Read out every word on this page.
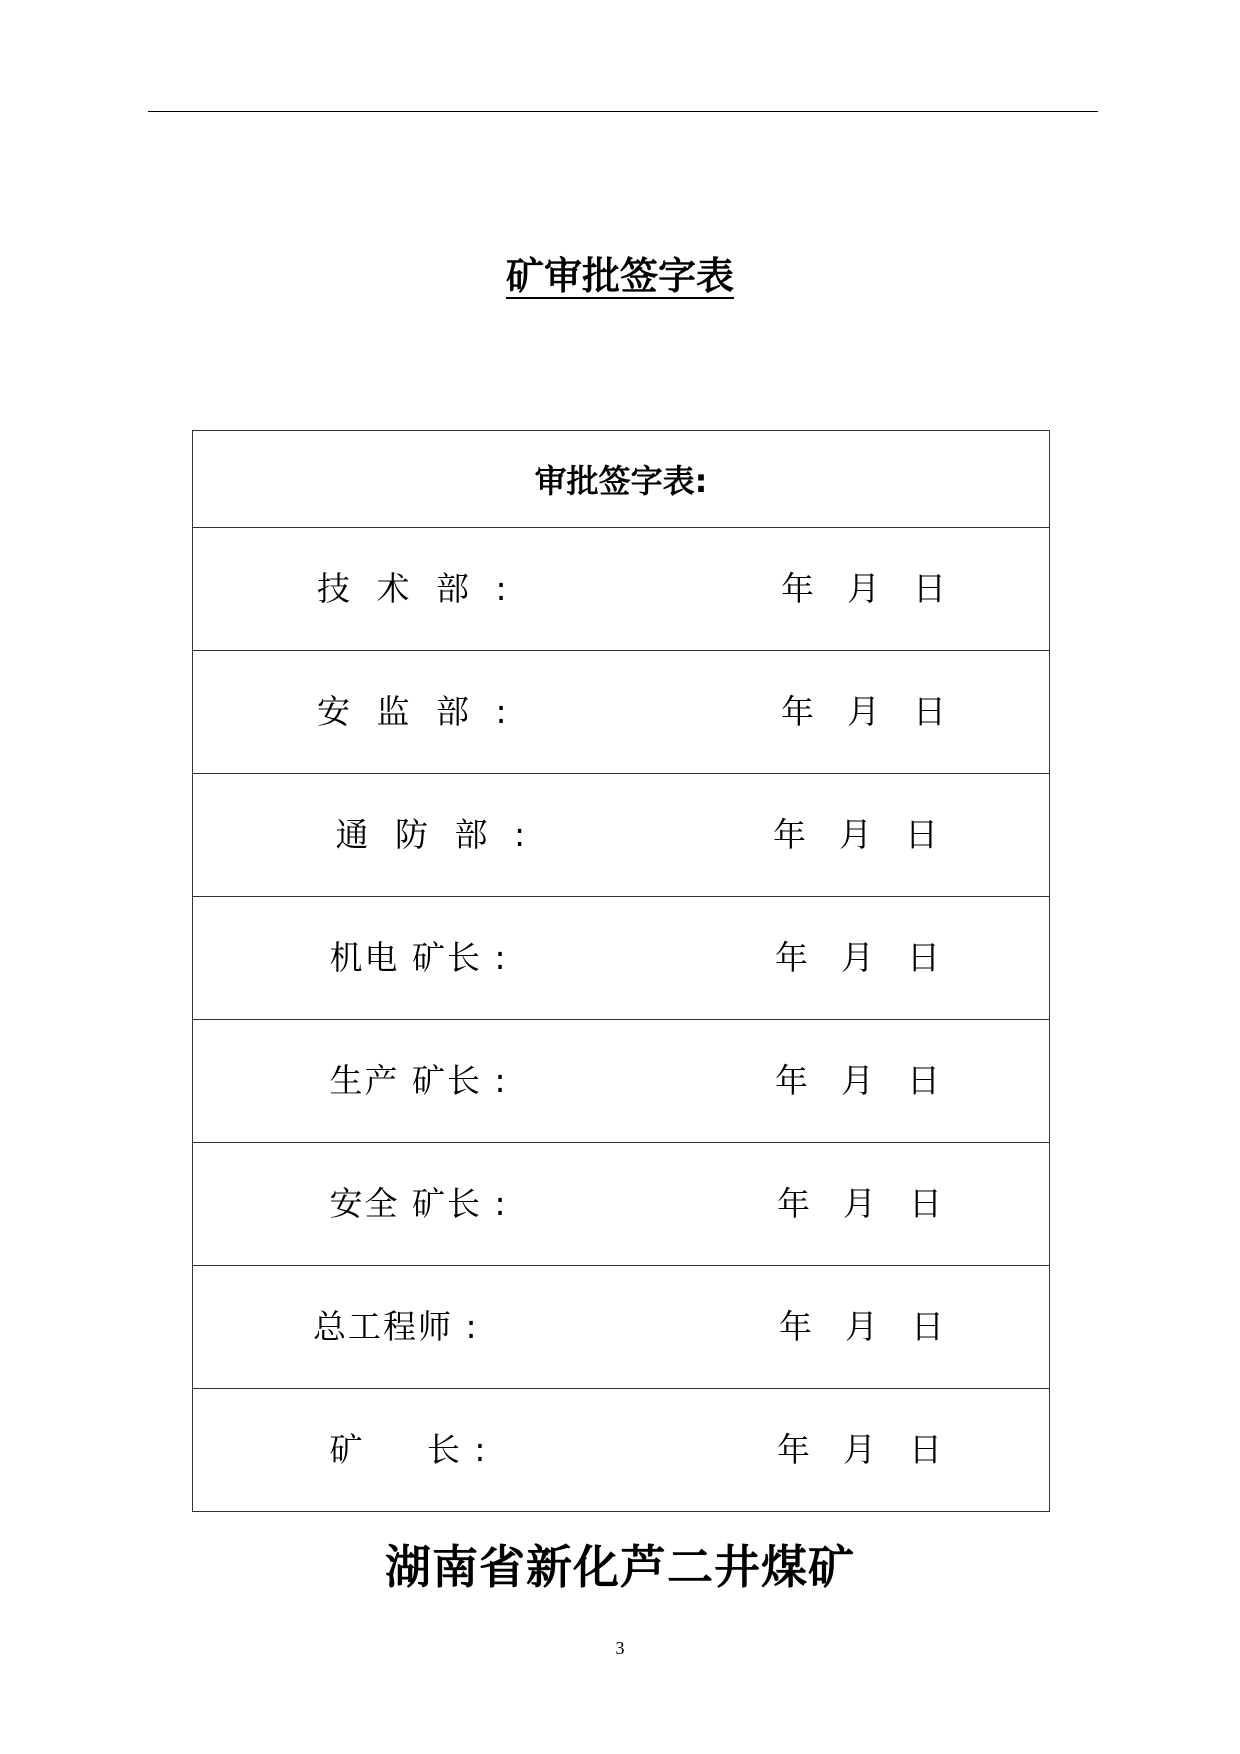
矿审批签字表
审批签字表:

技 术 部 :	年  月  日

安 监 部 :	年  月  日

通 防 部 :	年  月  日

机电 矿长 :	年  月  日

生产 矿长 :	年  月  日

安全 矿长 :	年  月  日

总工程师 :	年  月  日

矿     长 :	年  月  日
湖南省新化芦二井煤矿
3
